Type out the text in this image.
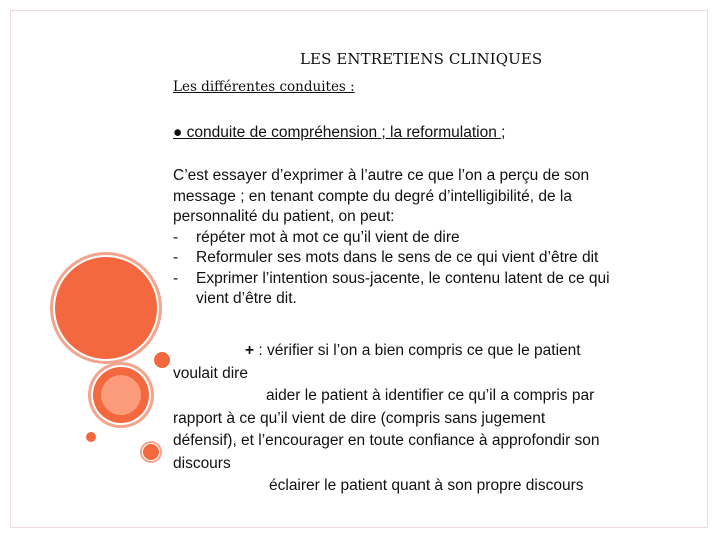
LES ENTRETIENS CLINIQUES
Les différentes conduites :
● conduite de compréhension ; la reformulation ;
C’est essayer d’exprimer à l’autre ce que l’on a perçu de son
message ; en tenant compte du degré d’intelligibilité, de la
personnalité du patient, on peut:
- répéter mot à mot ce qu’il vient de dire
- Reformuler ses mots dans le sens de ce qui vient d’être dit
- Exprimer l’intention sous-jacente, le contenu latent de ce qui
vient d’être dit.
+ : vérifier si l’on a bien compris ce que le patient
voulait dire
aider le patient à identifier ce qu’il a compris par
rapport à ce qu’il vient de dire (compris sans jugement
défensif), et l’encourager en toute confiance à approfondir son
discours
éclairer le patient quant à son propre discours
